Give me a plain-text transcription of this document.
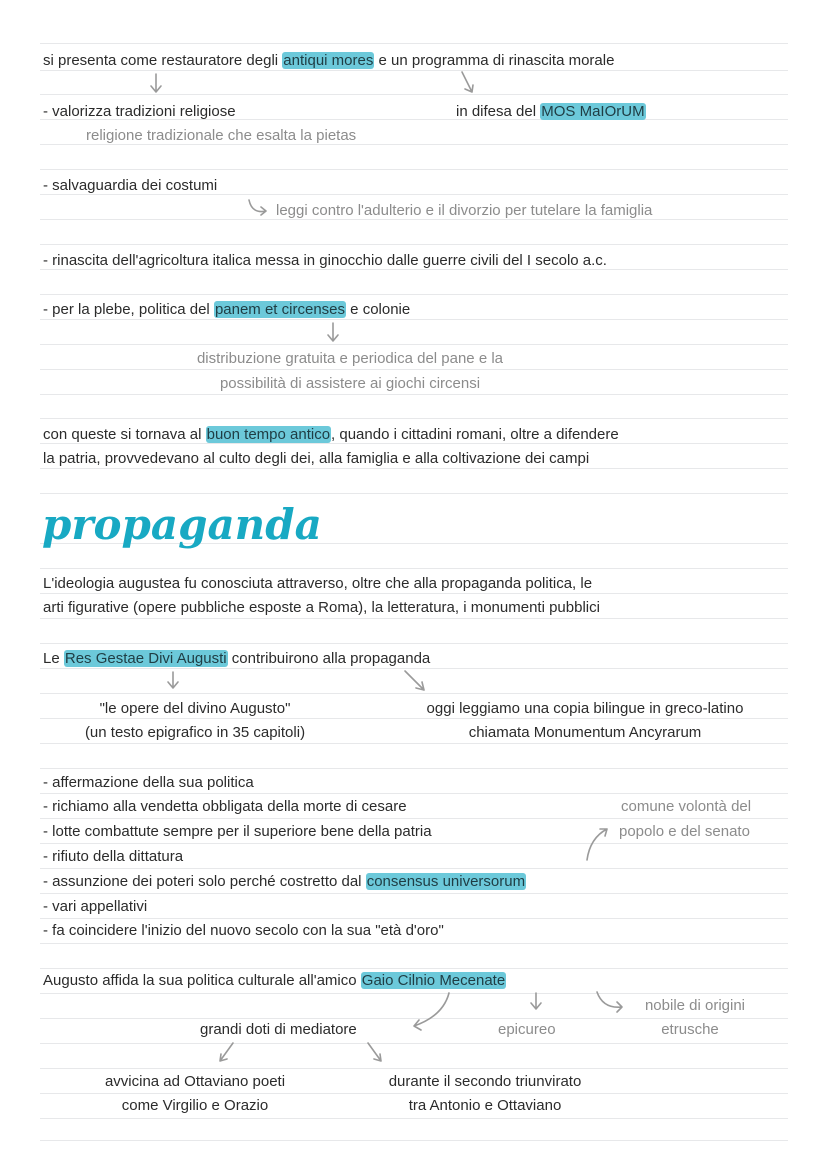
si presenta come restauratore degli antiqui mores e un programma di rinascita morale
- valorizza tradizioni religiose	in difesa del MOS MaIOrUM
religione tradizionale che esalta la pietas
- salvaguardia dei costumi
leggi contro l'adulterio e il divorzio per tutelare la famiglia
- rinascita dell'agricoltura italica messa in ginocchio dalle guerre civili del I secolo a.c.
- per la plebe, politica del panem et circenses e colonie
distribuzione gratuita e periodica del pane e la
possibilità di assistere ai giochi circensi
con queste si tornava al buon tempo antico, quando i cittadini romani, oltre a difendere
la patria, provvedevano al culto degli dei, alla famiglia e alla coltivazione dei campi
propaganda
L'ideologia augustea fu conosciuta attraverso, oltre che alla propaganda politica, le
arti figurative (opere pubbliche esposte a Roma), la letteratura, i monumenti pubblici
Le Res Gestae Divi Augusti contribuirono alla propaganda
"le opere del divino Augusto"
(un testo epigrafico in 35 capitoli)
oggi leggiamo una copia bilingue in greco-latino
chiamata Monumentum Ancyrarum
- affermazione della sua politica
- richiamo alla vendetta obbligata della morte di cesare
- lotte combattute sempre per il superiore bene della patria
- rifiuto della dittatura
- assunzione dei poteri solo perché costretto dal consensus universorum
- vari appellativi
- fa coincidere l'inizio del nuovo secolo con la sua "età d'oro"
comune volontà del
popolo e del senato
Augusto affida la sua politica culturale all'amico Gaio Cilnio Mecenate
grandi doti di mediatore	epicureo
nobile di origini
etrusche
avvicina ad Ottaviano poeti
come Virgilio e Orazio
durante il secondo triunvirato
tra Antonio e Ottaviano
